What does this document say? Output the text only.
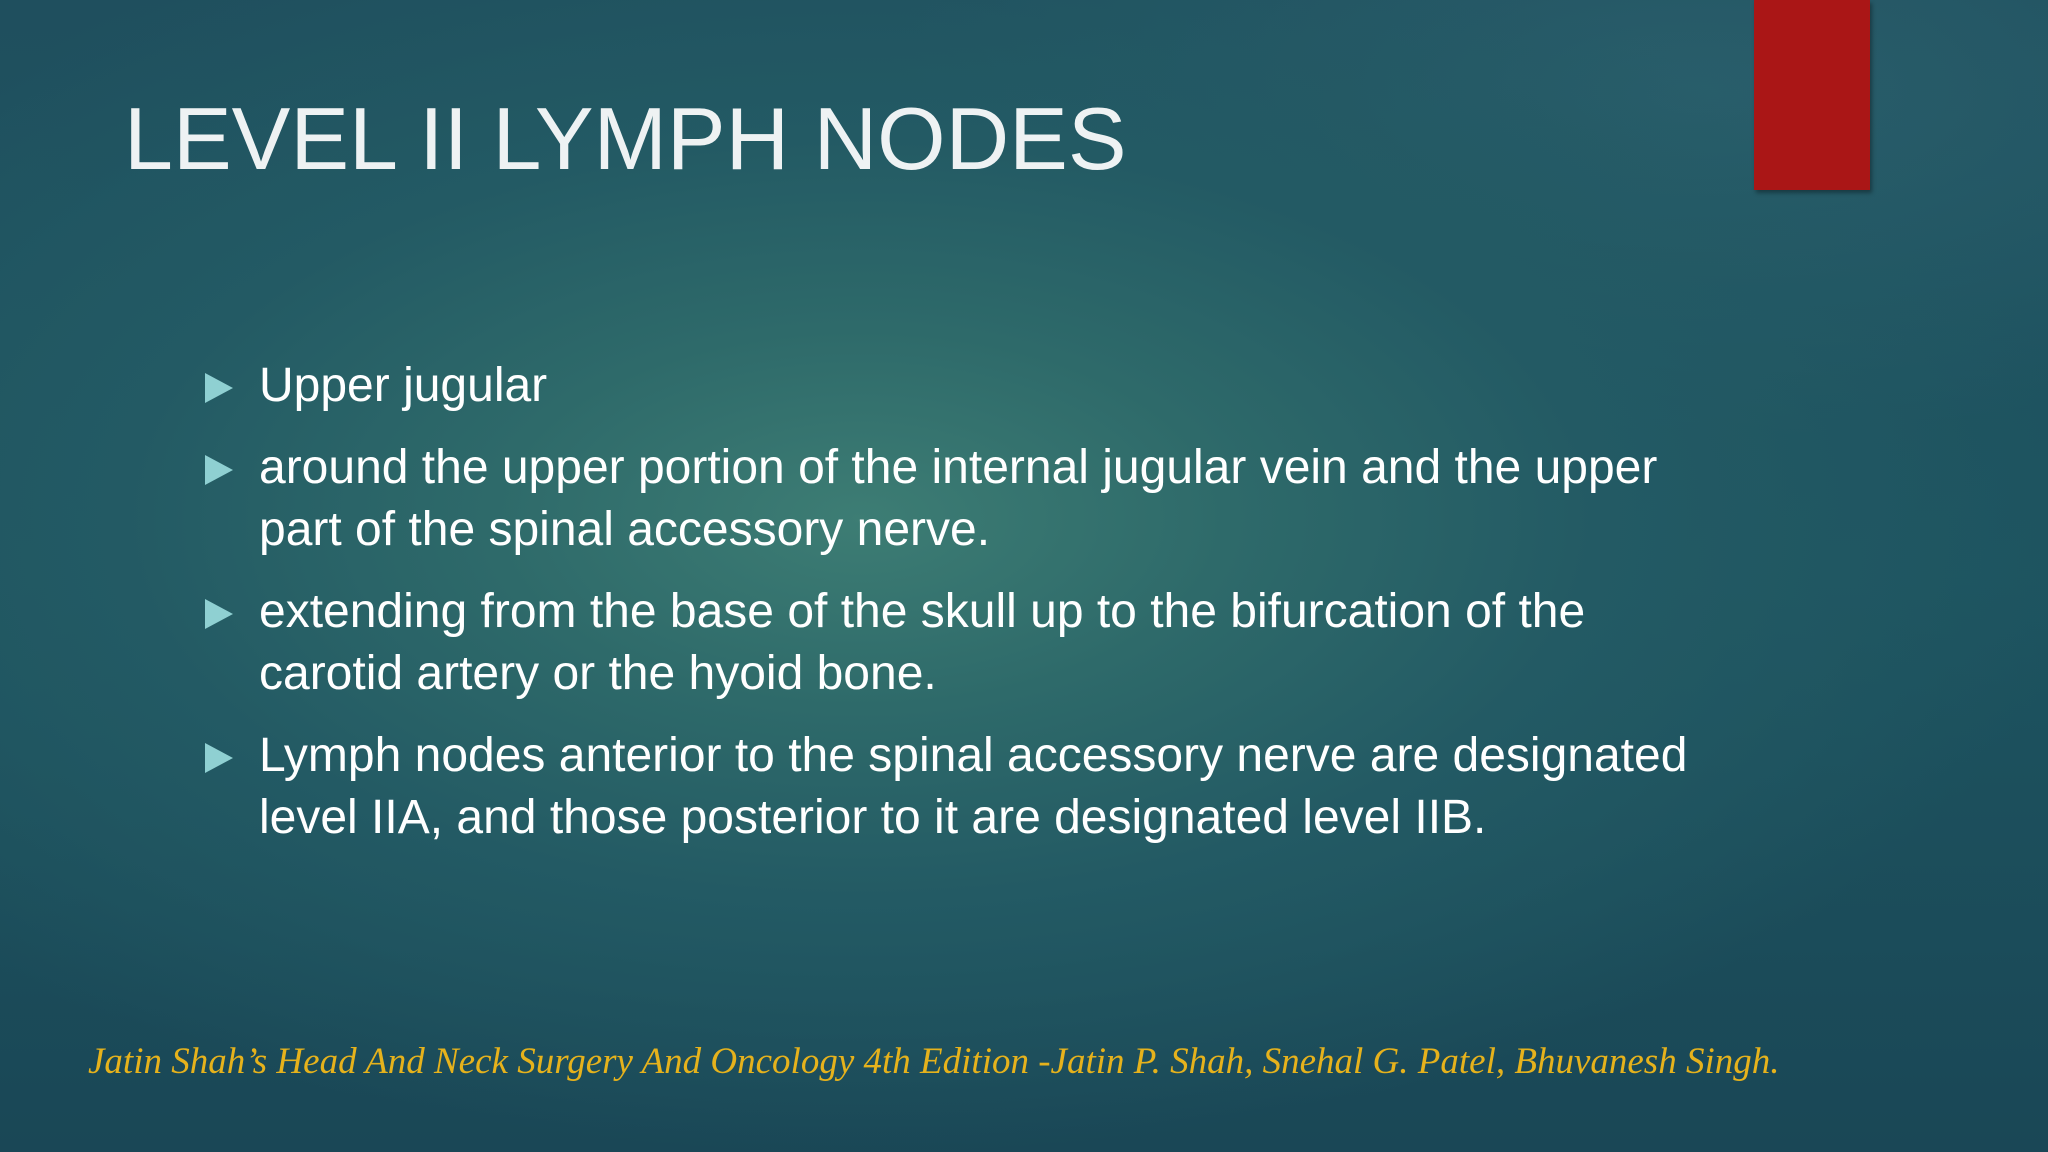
LEVEL II LYMPH NODES
Upper jugular
around the upper portion of the internal jugular vein and the upper part of the spinal accessory nerve.
extending from the base of the skull up to the bifurcation of the carotid artery or the hyoid bone.
Lymph nodes anterior to the spinal accessory nerve are designated level IIA, and those posterior to it are designated level IIB.

Jatin Shah’s Head And Neck Surgery And Oncology 4th Edition -Jatin P. Shah, Snehal G. Patel, Bhuvanesh Singh.
